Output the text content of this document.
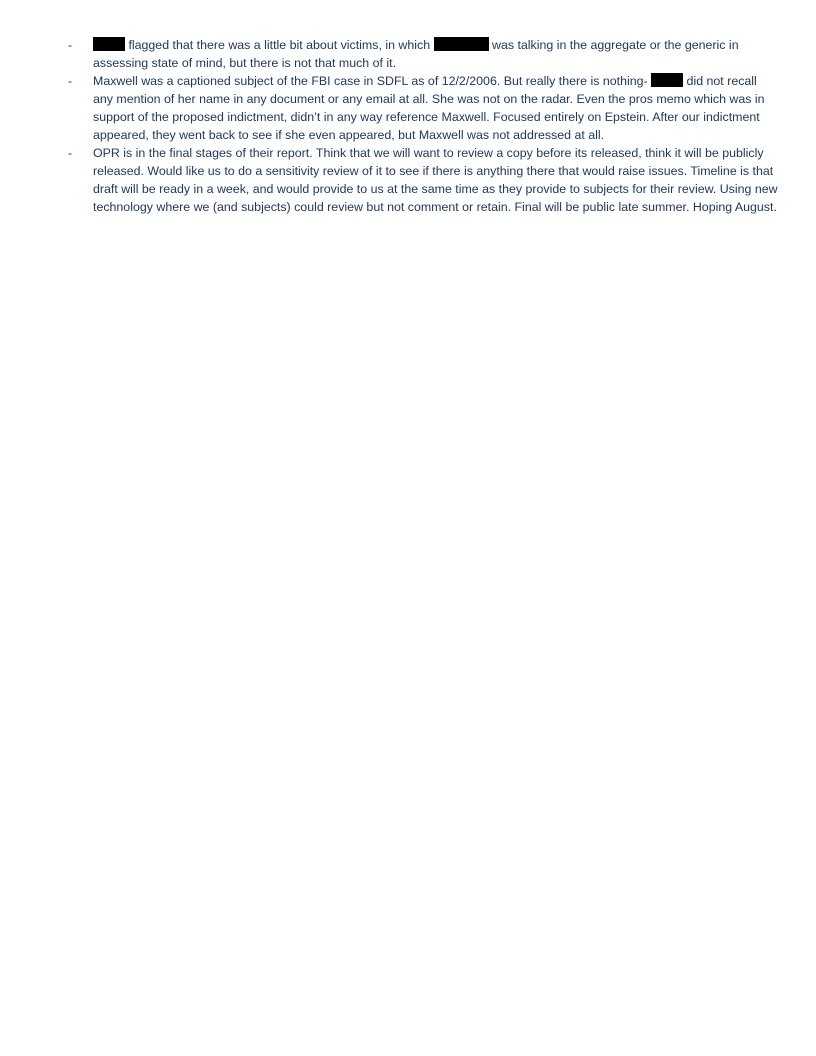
-	flagged that there was a little bit about victims, in which	was talking in the aggregate or the generic in assessing state of mind, but there is not that much of it.
-	Maxwell was a captioned subject of the FBI case in SDFL as of 12/2/2006. But really there is nothing-	did not recall any mention of her name in any document or any email at all. She was not on the radar. Even the pros memo which was in support of the proposed indictment, didn’t in any way reference Maxwell. Focused entirely on Epstein. After our indictment appeared, they went back to see if she even appeared, but Maxwell was not addressed at all.
-	OPR is in the final stages of their report. Think that we will want to review a copy before its released, think it will be publicly released. Would like us to do a sensitivity review of it to see if there is anything there that would raise issues. Timeline is that draft will be ready in a week, and would provide to us at the same time as they provide to subjects for their review. Using new technology where we (and subjects) could review but not comment or retain. Final will be public late summer. Hoping August.
